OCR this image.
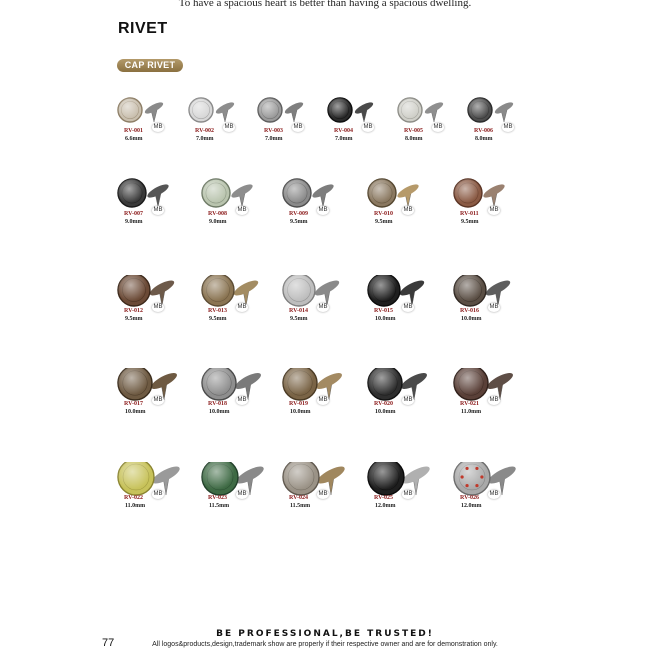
To have a spacious heart is better than having a spacious dwelling.
RIVET
CAP RIVET
RV-001
MB
6.6mm
RV-002
MB
7.0mm
RV-003
MB
7.0mm
RV-004
MB
7.0mm
RV-005
MB
8.0mm
RV-006
MB
8.0mm
RV-007
MB
9.0mm
RV-008
MB
9.0mm
RV-009
MB
9.5mm
RV-010
MB
9.5mm
RV-011
MB
9.5mm
RV-012
MB
9.5mm
RV-013
MB
9.5mm
RV-014
MB
9.5mm
RV-015
MB
10.0mm
RV-016
MB
10.0mm
RV-017
MB
10.0mm
RV-018
MB
10.0mm
RV-019
MB
10.0mm
RV-020
MB
10.0mm
RV-021
MB
11.0mm
RV-022
MB
11.0mm
RV-023
MB
11.5mm
RV-024
MB
11.5mm
RV-025
MB
12.0mm
RV-026
MB
12.0mm
BE PROFESSIONAL,BE TRUSTED!
77	All logos&products,design,trademark show are properly if their respective owner and are for demonstration only.
